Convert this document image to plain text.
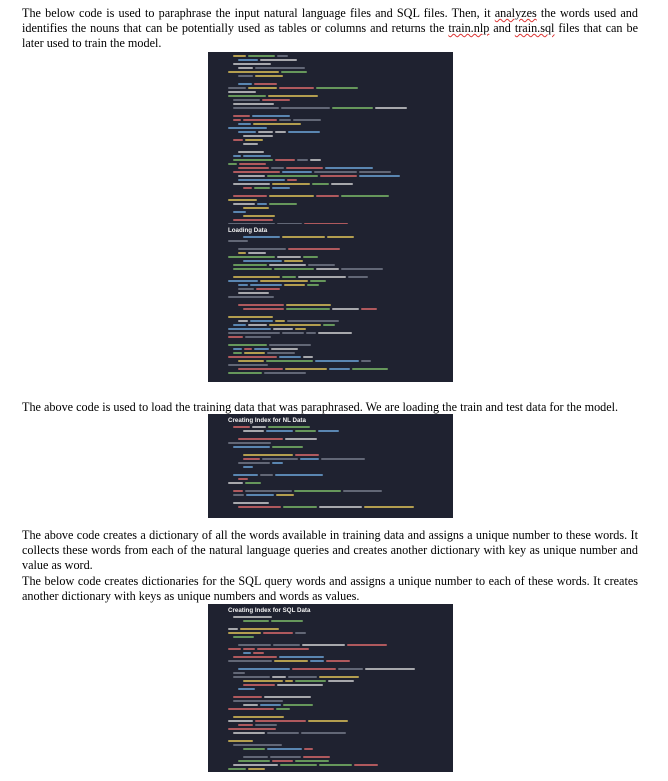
The below code is used to paraphrase the input natural language files and SQL files. Then, it analyzes the words used and identifies the nouns that can be potentially used as tables or columns and returns the train.nlp and train.sql files that can be later used to train the model.

Loading Data

The above code is used to load the training data that was paraphrased. We are loading the train and test data for the model.

Creating Index for NL Data

The above code creates a dictionary of all the words available in training data and assigns a unique number to these words. It collects these words from each of the natural language queries and creates another dictionary with key as unique number and value as word.

The below code creates dictionaries for the SQL query words and assigns a unique number to each of these words. It creates another dictionary with keys as unique numbers and words as values.

Creating Index for SQL Data
